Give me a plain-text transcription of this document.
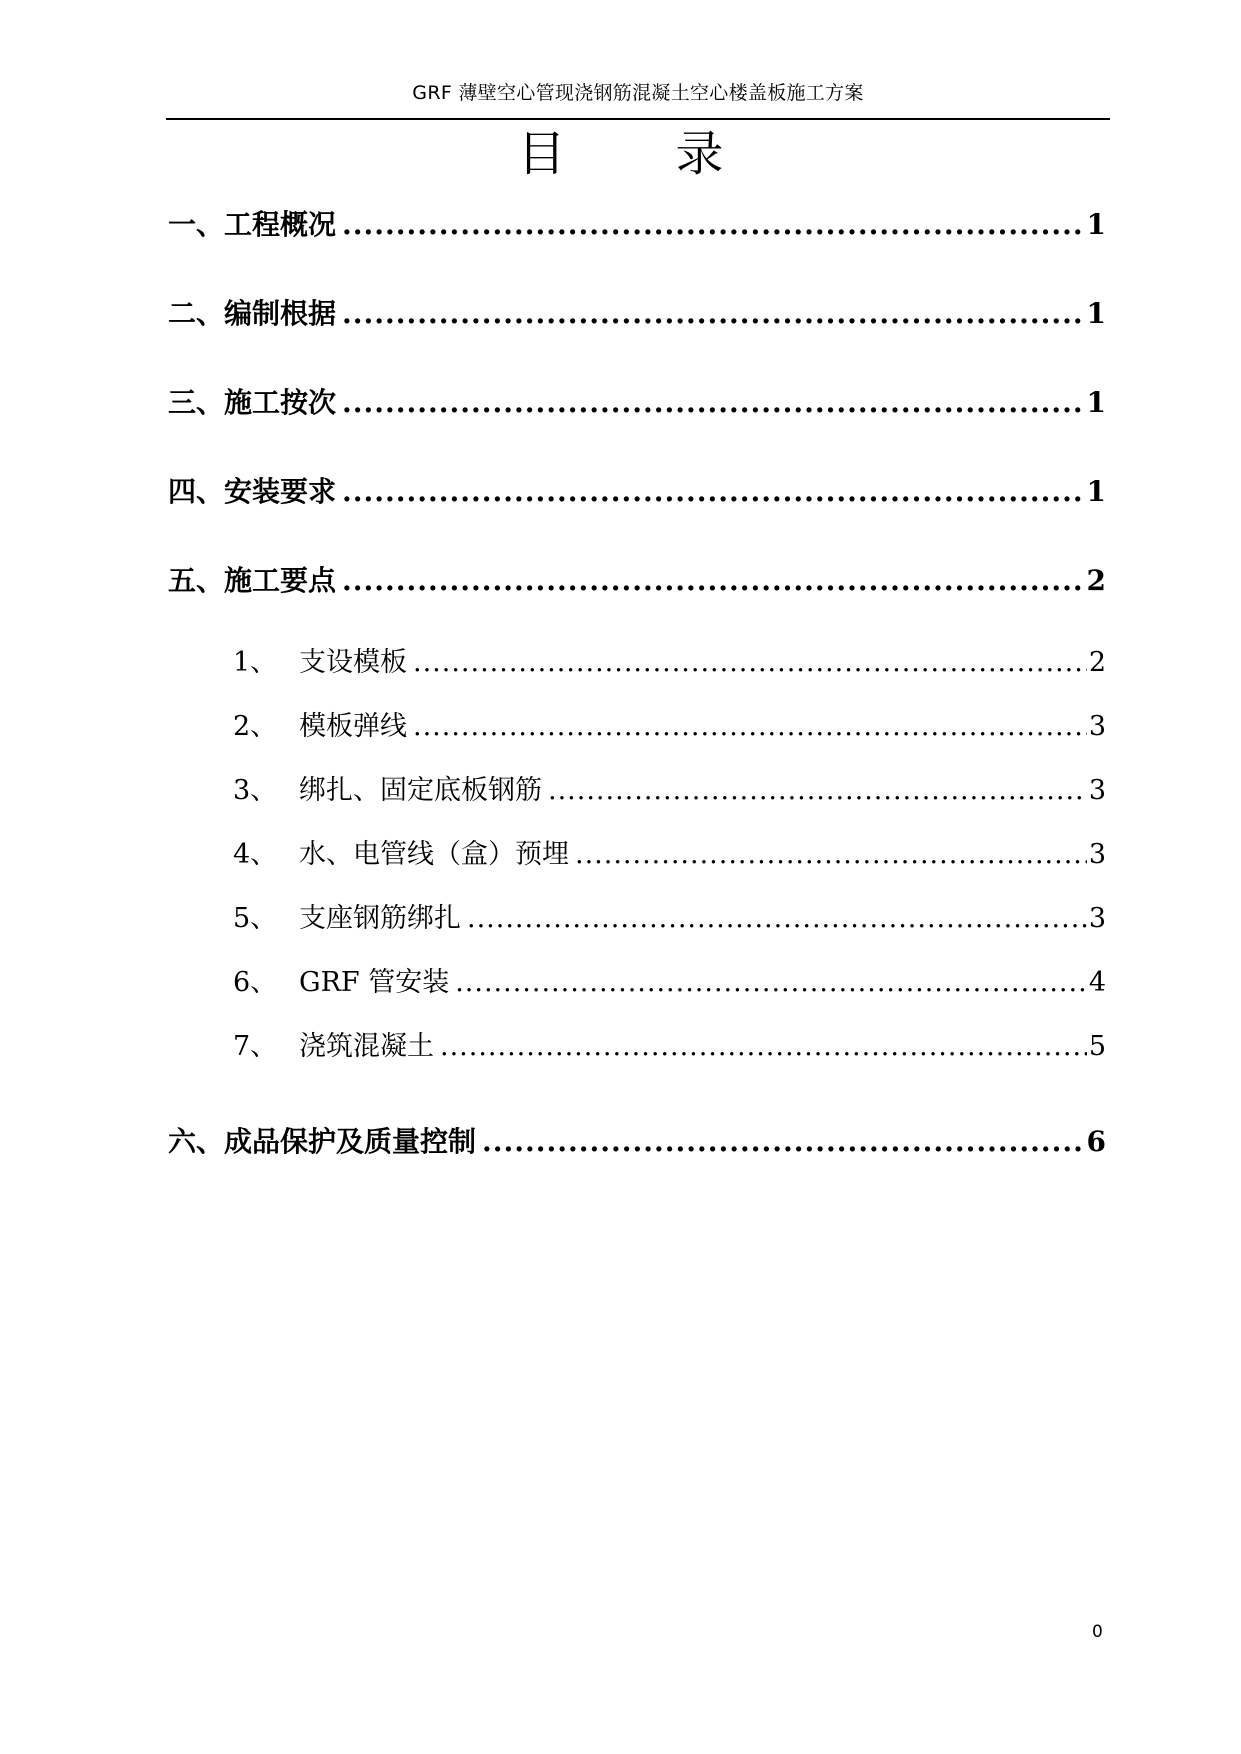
GRF 薄壁空心管现浇钢筋混凝土空心楼盖板施工方案
目 录
一、工程概况 .....	1
二、编制根据 .....	1
三、施工按次 .....	1
四、安装要求 .....	1
五、施工要点 .....	2
1、 支设模板 .....	2
2、 模板弹线 .....	3
3、 绑扎、固定底板钢筋 .....	3
4、 水、电管线（盒）预埋 .....	3
5、 支座钢筋绑扎 .....	3
6、 GRF 管安装 .....	4
7、 浇筑混凝土 .....	5
六、成品保护及质量控制 .....	6
0
